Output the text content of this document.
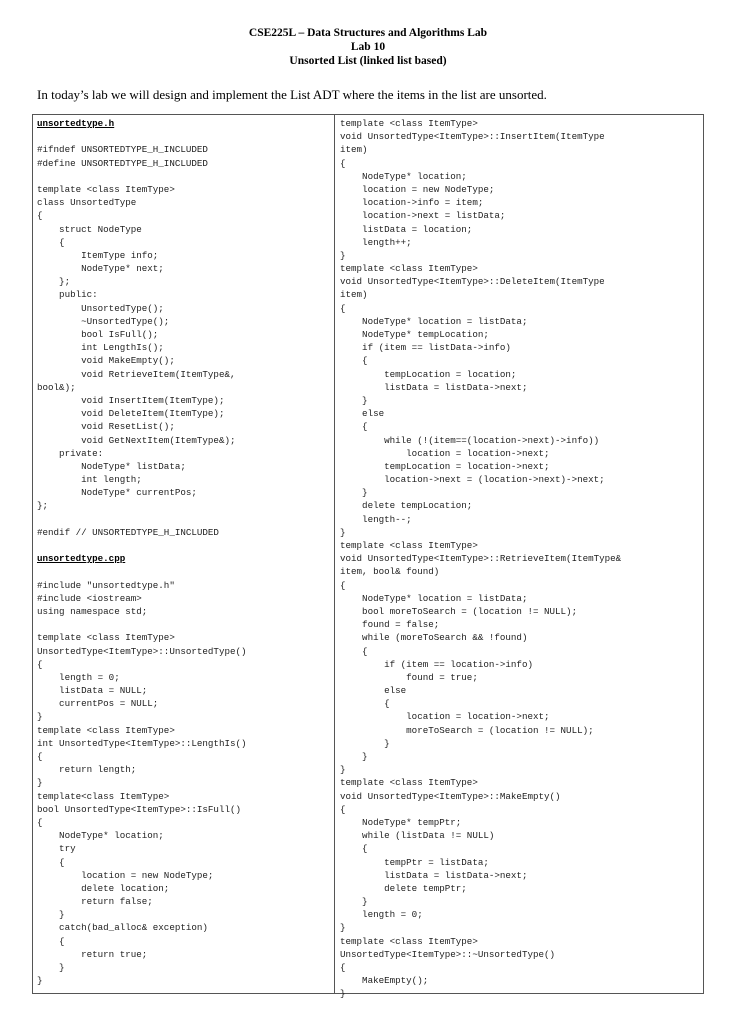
CSE225L – Data Structures and Algorithms Lab
Lab 10
Unsorted List (linked list based)
In today’s lab we will design and implement the List ADT where the items in the list are unsorted.
unsortedtype.h
#ifndef UNSORTEDTYPE_H_INCLUDED
#define UNSORTEDTYPE_H_INCLUDED
template <class ItemType>
class UnsortedType
{
struct NodeType
{
ItemType info;
NodeType* next;
};
public:
UnsortedType();
~UnsortedType();
bool IsFull();
int LengthIs();
void MakeEmpty();
void RetrieveItem(ItemType&,
bool&);
void InsertItem(ItemType);
void DeleteItem(ItemType);
void ResetList();
void GetNextItem(ItemType&);
private:
NodeType* listData;
int length;
NodeType* currentPos;
};
#endif // UNSORTEDTYPE_H_INCLUDED
unsortedtype.cpp
#include "unsortedtype.h"
#include <iostream>
using namespace std;
template <class ItemType>
UnsortedType<ItemType>::UnsortedType()
{
length = 0;
listData = NULL;
currentPos = NULL;
}
template <class ItemType>
int UnsortedType<ItemType>::LengthIs()
{
return length;
}
template<class ItemType>
bool UnsortedType<ItemType>::IsFull()
{
NodeType* location;
try
{
location = new NodeType;
delete location;
return false;
}
catch(bad_alloc& exception)
{
return true;
}
}
template <class ItemType>
void UnsortedType<ItemType>::InsertItem(ItemType
item)
{
NodeType* location;
location = new NodeType;
location->info = item;
location->next = listData;
listData = location;
length++;
}
template <class ItemType>
void UnsortedType<ItemType>::DeleteItem(ItemType
item)
{
NodeType* location = listData;
NodeType* tempLocation;
if (item == listData->info)
{
tempLocation = location;
listData = listData->next;
}
else
{
while (!(item==(location->next)->info))
location = location->next;
tempLocation = location->next;
location->next = (location->next)->next;
}
delete tempLocation;
length--;
}
template <class ItemType>
void UnsortedType<ItemType>::RetrieveItem(ItemType&
item, bool& found)
{
NodeType* location = listData;
bool moreToSearch = (location != NULL);
found = false;
while (moreToSearch && !found)
{
if (item == location->info)
found = true;
else
{
location = location->next;
moreToSearch = (location != NULL);
}
}
}
template <class ItemType>
void UnsortedType<ItemType>::MakeEmpty()
{
NodeType* tempPtr;
while (listData != NULL)
{
tempPtr = listData;
listData = listData->next;
delete tempPtr;
}
length = 0;
}
template <class ItemType>
UnsortedType<ItemType>::~UnsortedType()
{
MakeEmpty();
}
